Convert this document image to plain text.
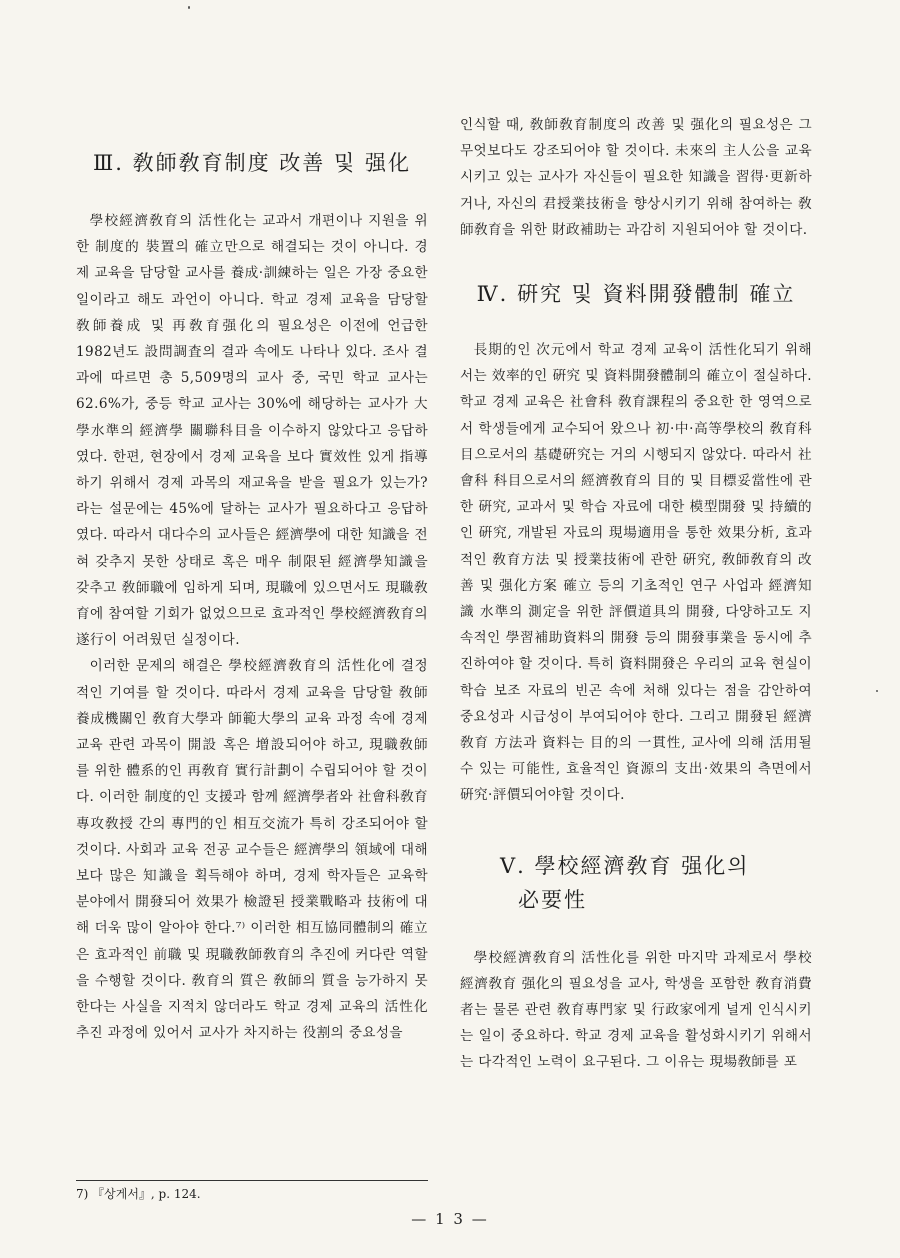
Ⅲ. 敎師敎育制度 改善 및 强化

學校經濟敎育의 活性化는 교과서 개편이나 지원을 위한 制度的 裝置의 確立만으로 해결되는 것이 아니다. 경제 교육을 담당할 교사를 養成·訓練하는 일은 가장 중요한 일이라고 해도 과언이 아니다. 학교 경제 교육을 담당할 敎師養成 및 再敎育强化의 필요성은 이전에 언급한 1982년도 設問調査의 결과 속에도 나타나 있다. 조사 결과에 따르면 총 5,509명의 교사 중, 국민 학교 교사는 62.6%가, 중등 학교 교사는 30%에 해당하는 교사가 大學水準의 經濟學 關聯科目을 이수하지 않았다고 응답하였다. 한편, 현장에서 경제 교육을 보다 實效性 있게 指導하기 위해서 경제 과목의 재교육을 받을 필요가 있는가? 라는 설문에는 45%에 달하는 교사가 필요하다고 응답하였다. 따라서 대다수의 교사들은 經濟學에 대한 知識을 전혀 갖추지 못한 상태로 혹은 매우 制限된 經濟學知識을 갖추고 敎師職에 임하게 되며, 現職에 있으면서도 現職敎育에 참여할 기회가 없었으므로 효과적인 學校經濟敎育의 遂行이 어려웠던 실정이다.

이러한 문제의 해결은 學校經濟敎育의 活性化에 결정적인 기여를 할 것이다. 따라서 경제 교육을 담당할 敎師養成機關인 敎育大學과 師範大學의 교육 과정 속에 경제 교육 관련 과목이 開設 혹은 增設되어야 하고, 現職敎師를 위한 體系的인 再敎育 實行計劃이 수립되어야 할 것이다. 이러한 制度的인 支援과 함께 經濟學者와 社會科敎育 專攻敎授 간의 專門的인 相互交流가 특히 강조되어야 할 것이다. 사회과 교육 전공 교수들은 經濟學의 領域에 대해 보다 많은 知識을 획득해야 하며, 경제 학자들은 교육학 분야에서 開發되어 效果가 檢證된 授業戰略과 技術에 대해 더욱 많이 알아야 한다.⁷⁾ 이러한 相互協同體制의 確立은 효과적인 前職 및 現職敎師敎育의 추진에 커다란 역할을 수행할 것이다. 敎育의 質은 敎師의 質을 능가하지 못한다는 사실을 지적치 않더라도 학교 경제 교육의 活性化 추진 과정에 있어서 교사가 차지하는 役割의 중요성을

인식할 때, 敎師敎育制度의 改善 및 强化의 필요성은 그 무엇보다도 강조되어야 할 것이다. 未來의 主人公을 교육시키고 있는 교사가 자신들이 필요한 知識을 習得·更新하거나, 자신의 君授業技術을 향상시키기 위해 참여하는 敎師敎育을 위한 財政補助는 과감히 지원되어야 할 것이다.

Ⅳ. 硏究 및 資料開發體制 確立

長期的인 次元에서 학교 경제 교육이 活性化되기 위해서는 效率的인 硏究 및 資料開發體制의 確立이 절실하다. 학교 경제 교육은 社會科 敎育課程의 중요한 한 영역으로서 학생들에게 교수되어 왔으나 初·中·高等學校의 敎育科目으로서의 基礎硏究는 거의 시행되지 않았다. 따라서 社會科 科目으로서의 經濟敎育의 目的 및 目標妥當性에 관한 硏究, 교과서 및 학습 자료에 대한 模型開發 및 持續的인 硏究, 개발된 자료의 現場適用을 통한 效果分析, 효과적인 敎育方法 및 授業技術에 관한 硏究, 敎師敎育의 改善 및 强化方案 確立 등의 기초적인 연구 사업과 經濟知識 水準의 測定을 위한 評價道具의 開發, 다양하고도 지속적인 學習補助資料의 開發 등의 開發事業을 동시에 추진하여야 할 것이다. 특히 資料開發은 우리의 교육 현실이 학습 보조 자료의 빈곤 속에 처해 있다는 점을 감안하여 중요성과 시급성이 부여되어야 한다. 그리고 開發된 經濟敎育 方法과 資料는 目的의 一貫性, 교사에 의해 活用될 수 있는 可能性, 효율적인 資源의 支出·效果의 측면에서 硏究·評價되어야할 것이다.

Ⅴ. 學校經濟敎育 强化의
必要性

學校經濟敎育의 活性化를 위한 마지막 과제로서 學校經濟敎育 强化의 필요성을 교사, 학생을 포함한 敎育消費者는 물론 관련 敎育專門家 및 行政家에게 널게 인식시키는 일이 중요하다. 학교 경제 교육을 활성화시키기 위해서는 다각적인 노력이 요구된다. 그 이유는 現場敎師를 포

7) 『상게서』, p. 124.
— 1 3 —
